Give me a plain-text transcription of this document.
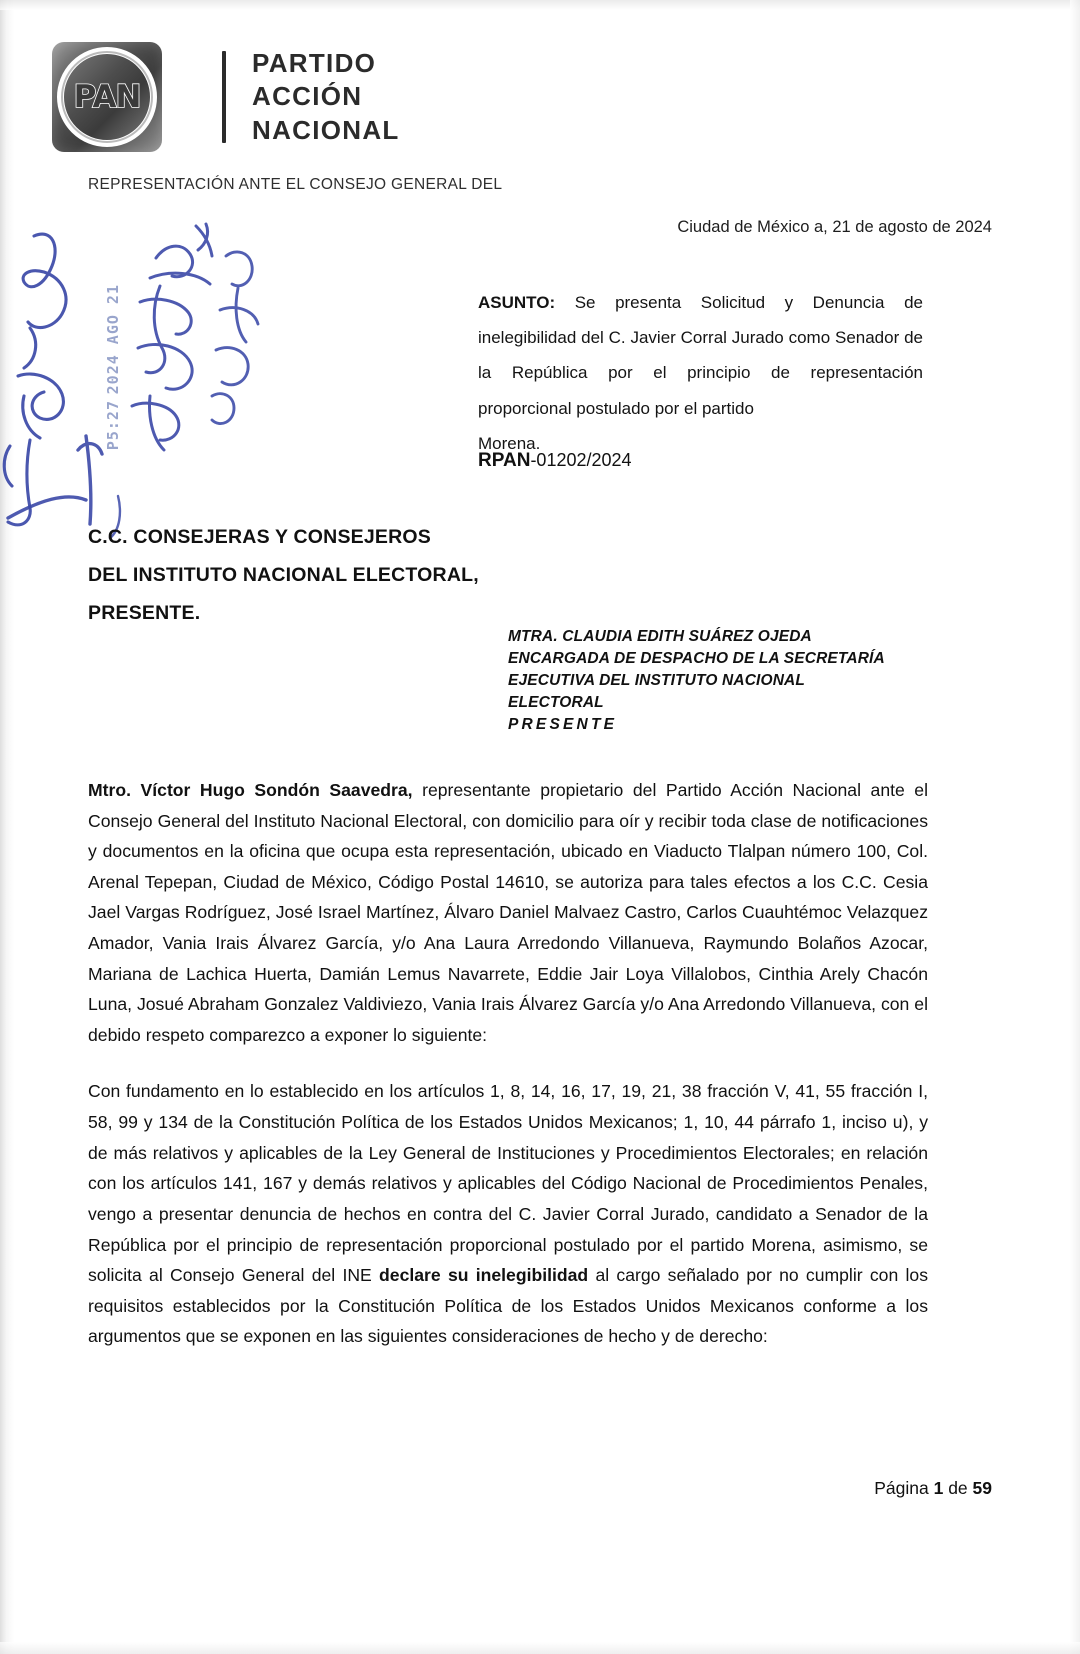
PAN
PARTIDO
ACCIÓN
NACIONAL
REPRESENTACIÓN ANTE EL CONSEJO GENERAL DEL
2024 AGO 21
P5:27
Ciudad de México a, 21 de agosto de 2024
ASUNTO: Se presenta Solicitud y Denuncia de inelegibilidad del C. Javier Corral Jurado como Senador de la República por el principio de representación proporcional postulado por el partido
Morena.
RPAN-01202/2024
C.C. CONSEJERAS Y CONSEJEROS
DEL INSTITUTO NACIONAL ELECTORAL,
PRESENTE.
MTRA. CLAUDIA EDITH SUÁREZ OJEDA
ENCARGADA DE DESPACHO DE LA SECRETARÍA
EJECUTIVA DEL INSTITUTO NACIONAL
ELECTORAL
PRESENTE

Mtro. Víctor Hugo Sondón Saavedra, representante propietario del Partido Acción Nacional ante el Consejo General del Instituto Nacional Electoral, con domicilio para oír y recibir toda clase de notificaciones y documentos en la oficina que ocupa esta representación, ubicado en Viaducto Tlalpan número 100, Col. Arenal Tepepan, Ciudad de México, Código Postal 14610, se autoriza para tales efectos a los C.C. Cesia Jael Vargas Rodríguez, José Israel Martínez, Álvaro Daniel Malvaez Castro, Carlos Cuauhtémoc Velazquez Amador, Vania Irais Álvarez García, y/o Ana Laura Arredondo Villanueva, Raymundo Bolaños Azocar, Mariana de Lachica Huerta, Damián Lemus Navarrete, Eddie Jair Loya Villalobos, Cinthia Arely Chacón Luna, Josué Abraham Gonzalez Valdiviezo, Vania Irais Álvarez García y/o Ana Arredondo Villanueva, con el debido respeto comparezco a exponer lo siguiente:

Con fundamento en lo establecido en los artículos 1, 8, 14, 16, 17, 19, 21, 38 fracción V, 41, 55 fracción I, 58, 99 y 134 de la Constitución Política de los Estados Unidos Mexicanos; 1, 10, 44 párrafo 1, inciso u), y de más relativos y aplicables de la Ley General de Instituciones y Procedimientos Electorales; en relación con los artículos 141, 167 y demás relativos y aplicables del Código Nacional de Procedimientos Penales, vengo a presentar denuncia de hechos en contra del C. Javier Corral Jurado, candidato a Senador de la República por el principio de representación proporcional postulado por el partido Morena, asimismo, se solicita al Consejo General del INE declare su inelegibilidad al cargo señalado por no cumplir con los requisitos establecidos por la Constitución Política de los Estados Unidos Mexicanos conforme a los argumentos que se exponen en las siguientes consideraciones de hecho y de derecho:

Página 1 de 59
